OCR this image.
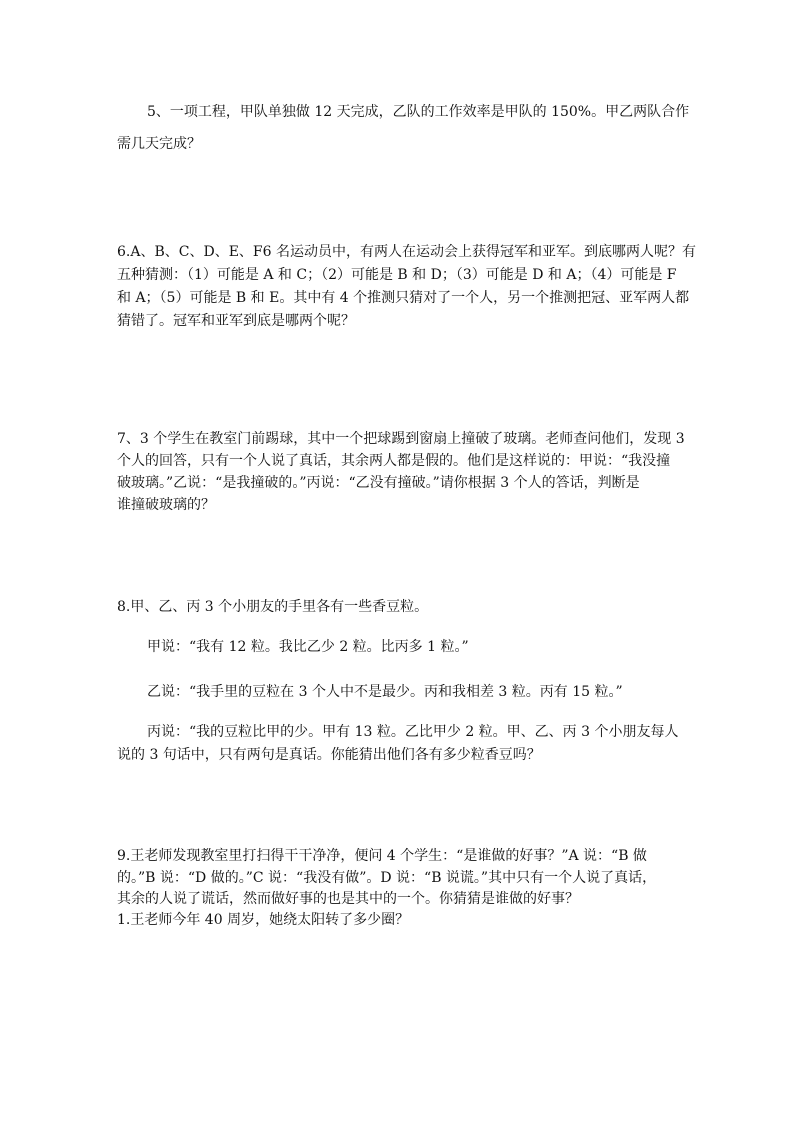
5、一项工程，甲队单独做 12 天完成，乙队的工作效率是甲队的 150%。甲乙两队合作
需几天完成？
6.A、B、C、D、E、F6 名运动员中，有两人在运动会上获得冠军和亚军。到底哪两人呢？有
五种猜测：（1）可能是 A 和 C；（2）可能是 B 和 D；（3）可能是 D 和 A；（4）可能是 F
和 A；（5）可能是 B 和 E。其中有 4 个推测只猜对了一个人，另一个推测把冠、亚军两人都
猜错了。冠军和亚军到底是哪两个呢？
7、3 个学生在教室门前踢球，其中一个把球踢到窗扇上撞破了玻璃。老师查问他们，发现 3
个人的回答，只有一个人说了真话，其余两人都是假的。他们是这样说的：甲说：“我没撞
破玻璃。”乙说：“是我撞破的。”丙说：“乙没有撞破。”请你根据 3 个人的答话，判断是
谁撞破玻璃的？
8.甲、乙、丙 3 个小朋友的手里各有一些香豆粒。
甲说：“我有 12 粒。我比乙少 2 粒。比丙多 1 粒。”
乙说：“我手里的豆粒在 3 个人中不是最少。丙和我相差 3 粒。丙有 15 粒。”
丙说：“我的豆粒比甲的少。甲有 13 粒。乙比甲少 2 粒。甲、乙、丙 3 个小朋友每人
说的 3 句话中，只有两句是真话。你能猜出他们各有多少粒香豆吗？
9.王老师发现教室里打扫得干干净净，便问 4 个学生：“是谁做的好事？”A 说：“B 做
的。”B 说：“D 做的。”C 说：“我没有做”。D 说：“B 说谎。”其中只有一个人说了真话，
其余的人说了谎话，然而做好事的也是其中的一个。你猜猜是谁做的好事？
1.王老师今年 40 周岁，她绕太阳转了多少圈？
